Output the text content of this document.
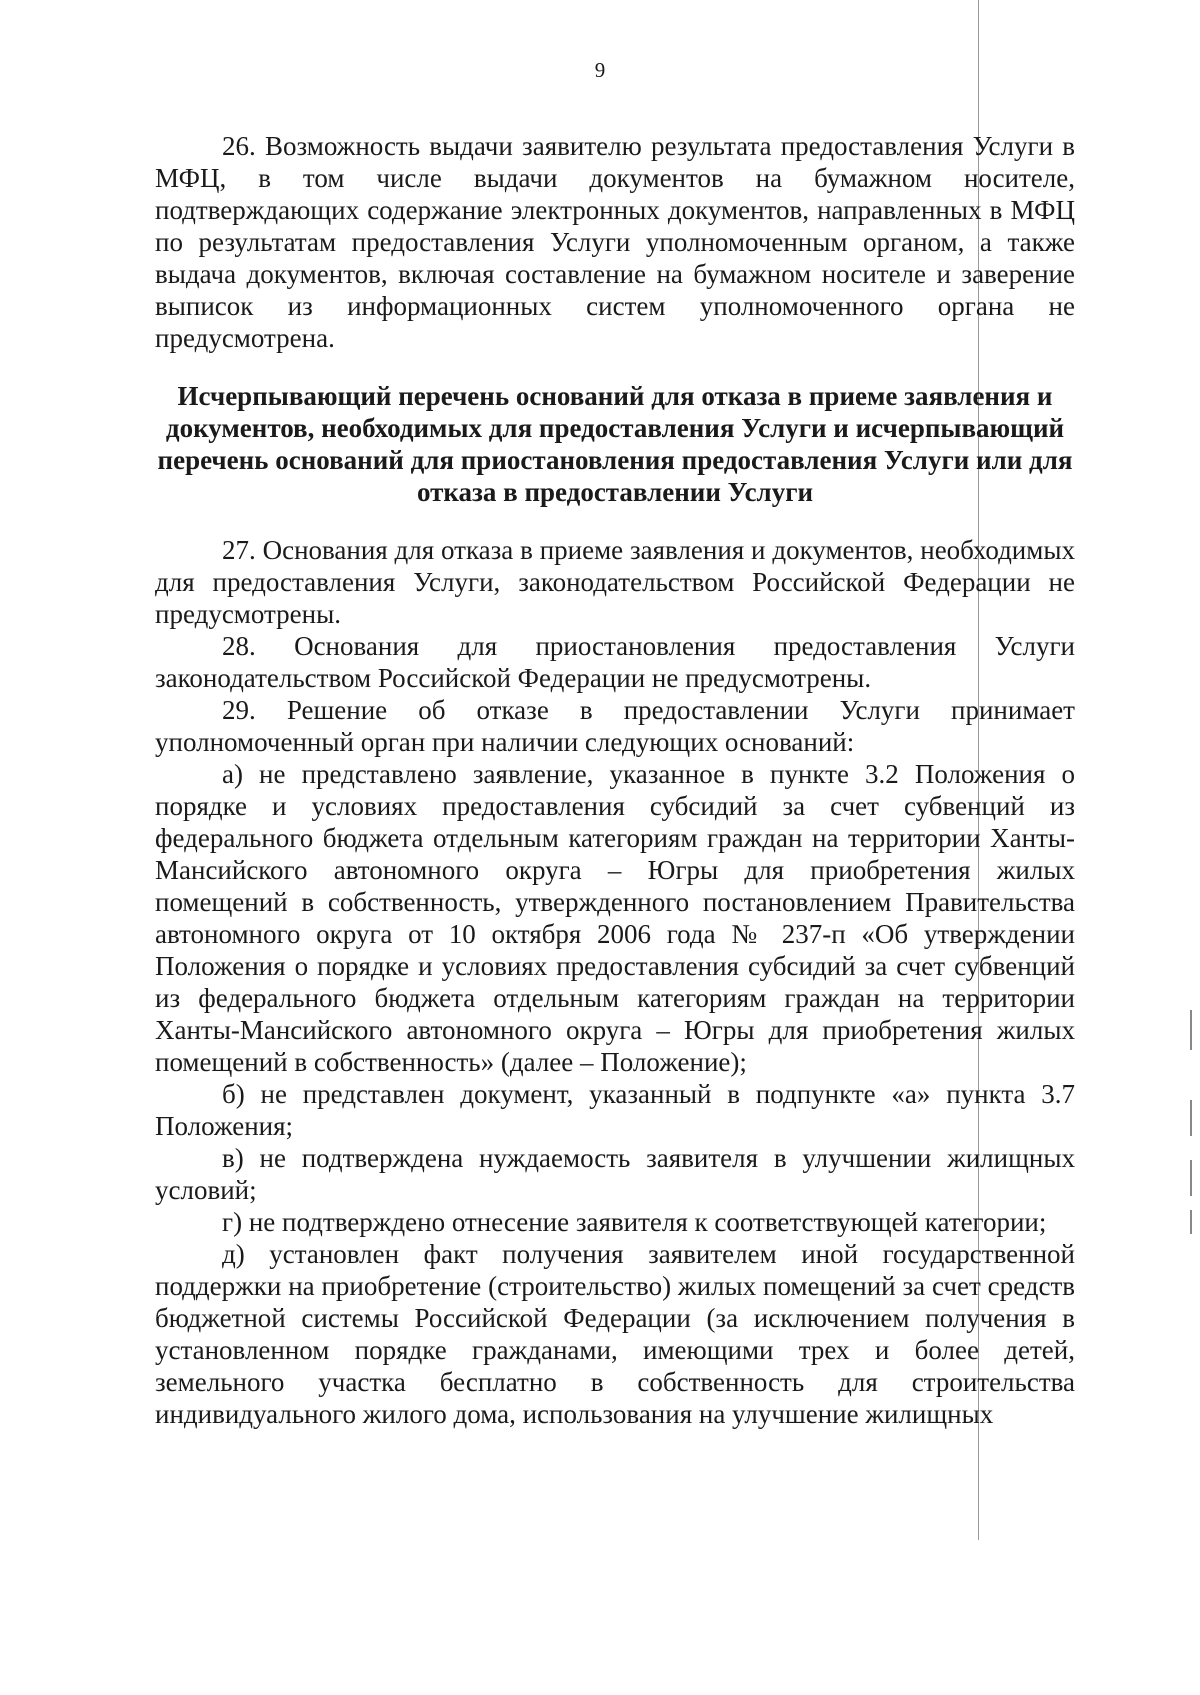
9

26. Возможность выдачи заявителю результата предоставления Услуги в МФЦ, в том числе выдачи документов на бумажном носителе, подтверждающих содержание электронных документов, направленных в МФЦ по результатам предоставления Услуги уполномоченным органом, а также выдача документов, включая составление на бумажном носителе и заверение выписок из информационных систем уполномоченного органа не предусмотрена.

Исчерпывающий перечень оснований для отказа в приеме заявления и документов, необходимых для предоставления Услуги и исчерпывающий перечень оснований для приостановления предоставления Услуги или для отказа в предоставлении Услуги

27. Основания для отказа в приеме заявления и документов, необходимых для предоставления Услуги, законодательством Российской Федерации не предусмотрены.

28. Основания для приостановления предоставления Услуги законодательством Российской Федерации не предусмотрены.

29. Решение об отказе в предоставлении Услуги принимает уполномоченный орган при наличии следующих оснований:

а) не представлено заявление, указанное в пункте 3.2 Положения о порядке и условиях предоставления субсидий за счет субвенций из федерального бюджета отдельным категориям граждан на территории Ханты-Мансийского автономного округа – Югры для приобретения жилых помещений в собственность, утвержденного постановлением Правительства автономного округа от 10 октября 2006 года № 237-п «Об утверждении Положения о порядке и условиях предоставления субсидий за счет субвенций из федерального бюджета отдельным категориям граждан на территории Ханты-Мансийского автономного округа – Югры для приобретения жилых помещений в собственность» (далее – Положение);

б) не представлен документ, указанный в подпункте «а» пункта 3.7 Положения;

в) не подтверждена нуждаемость заявителя в улучшении жилищных условий;

г) не подтверждено отнесение заявителя к соответствующей категории;

д) установлен факт получения заявителем иной государственной поддержки на приобретение (строительство) жилых помещений за счет средств бюджетной системы Российской Федерации (за исключением получения в установленном порядке гражданами, имеющими трех и более детей, земельного участка бесплатно в собственность для строительства индивидуального жилого дома, использования на улучшение жилищных
